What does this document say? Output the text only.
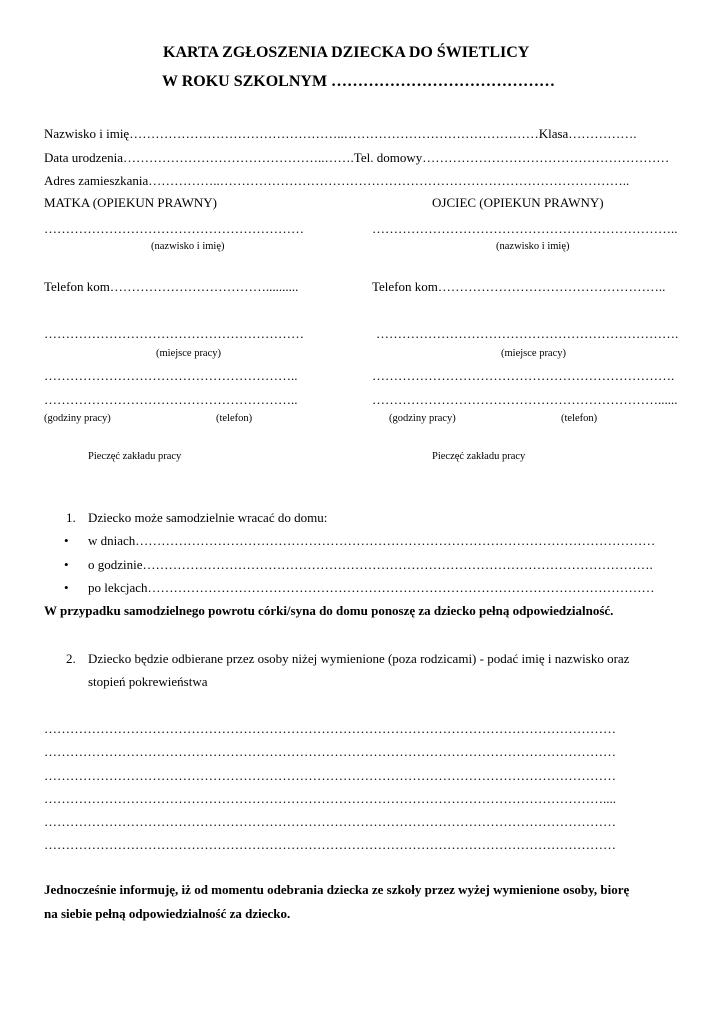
KARTA ZGŁOSZENIA DZIECKA DO ŚWIETLICY
W ROKU SZKOLNYM ……………………………………
Nazwisko i imię…………………………………………..………………………………………Klasa…………….
Data urodzenia………………………………………..…….Tel. domowy…………………………………………………
Adres zamieszkania……………..…………………………………………………………………………………..
MATKA (OPIEKUN PRAWNY)
……………………………………………………
(nazwisko i imię)
Telefon kom………………………………..........
……………………………………………………
(miejsce pracy)
…………………………………………………..
…………………………………………………..
(godziny pracy)	(telefon)
Pieczęć zakładu pracy
OJCIEC (OPIEKUN PRAWNY)
……………………………………………………………..
(nazwisko i imię)
Telefon kom……………………………………………..
…………………………………………………………….
(miejsce pracy)
…………………………………………………………….
…………………………………………………………......
(godziny pracy)	(telefon)
Pieczęć zakładu pracy
1. Dziecko może samodzielnie wracać do domu:
• w dniach…………………………………………………………………………………………………………
• o godzinie……………………………………………………………………………………………………….
• po lekcjach………………………………………………………………………………………………………
W przypadku samodzielnego powrotu córki/syna do domu ponoszę za dziecko pełną odpowiedzialność.
2. Dziecko będzie odbierane przez osoby niżej wymienione (poza rodzicami) - podać imię i nazwisko oraz
stopień pokrewieństwa
……………………………………………………………………………………………………………………
……………………………………………………………………………………………………………………
……………………………………………………………………………………………………………………
…………………………………………………………………………………………………………………....
……………………………………………………………………………………………………………………
……………………………………………………………………………………………………………………
Jednocześnie informuję, iż od momentu odebrania dziecka ze szkoły przez wyżej wymienione osoby, biorę
na siebie pełną odpowiedzialność za dziecko.
